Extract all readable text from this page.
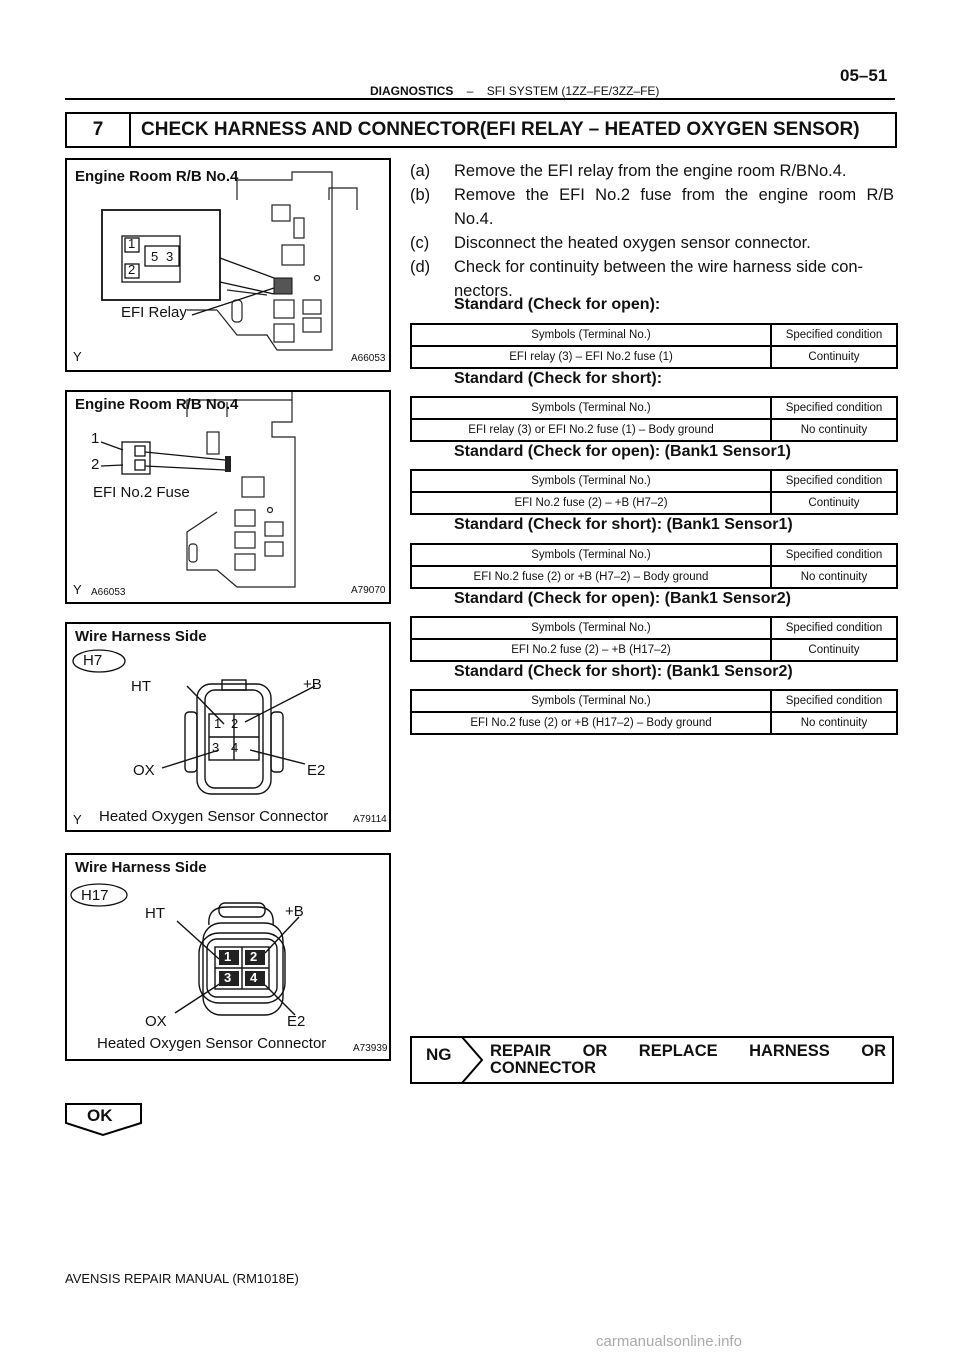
DIAGNOSTICS – SFI SYSTEM (1ZZ–FE/3ZZ–FE)
05–51
7	CHECK HARNESS AND CONNECTOR(EFI RELAY – HEATED OXYGEN SENSOR)
Engine Room R/B No.4
1
2
5 3
EFI Relay
Y	A66053
Engine Room R/B No.4
1
2
EFI No.2 Fuse
Y A66053	A79070
Wire Harness Side
H7
HT	+B
OX	E2
1 2
3 4
Heated Oxygen Sensor Connector
Y	A79114
Wire Harness Side
H17
HT	+B
OX	E2
1 2
3 4
Heated Oxygen Sensor Connector	A73939
(a) Remove the EFI relay from the engine room R/BNo.4.
(b) Remove the EFI No.2 fuse from the engine room R/B
No.4.
(c) Disconnect the heated oxygen sensor connector.
(d) Check for continuity between the wire harness side con-
nectors.
Standard (Check for open):
Symbols (Terminal No.)	Specified condition
EFI relay (3) – EFI No.2 fuse (1)	Continuity
Standard (Check for short):
Symbols (Terminal No.)	Specified condition
EFI relay (3) or EFI No.2 fuse (1) – Body ground	No continuity
Standard (Check for open): (Bank1 Sensor1)
Symbols (Terminal No.)	Specified condition
EFI No.2 fuse (2) – +B (H7–2)	Continuity
Standard (Check for short): (Bank1 Sensor1)
Symbols (Terminal No.)	Specified condition
EFI No.2 fuse (2) or +B (H7–2) – Body ground	No continuity
Standard (Check for open): (Bank1 Sensor2)
Symbols (Terminal No.)	Specified condition
EFI No.2 fuse (2) – +B (H17–2)	Continuity
Standard (Check for short): (Bank1 Sensor2)
Symbols (Terminal No.)	Specified condition
EFI No.2 fuse (2) or +B (H17–2) – Body ground	No continuity
NG REPAIR OR REPLACE HARNESS OR
CONNECTOR
OK
AVENSIS REPAIR MANUAL (RM1018E)
carmanualsonline.info
